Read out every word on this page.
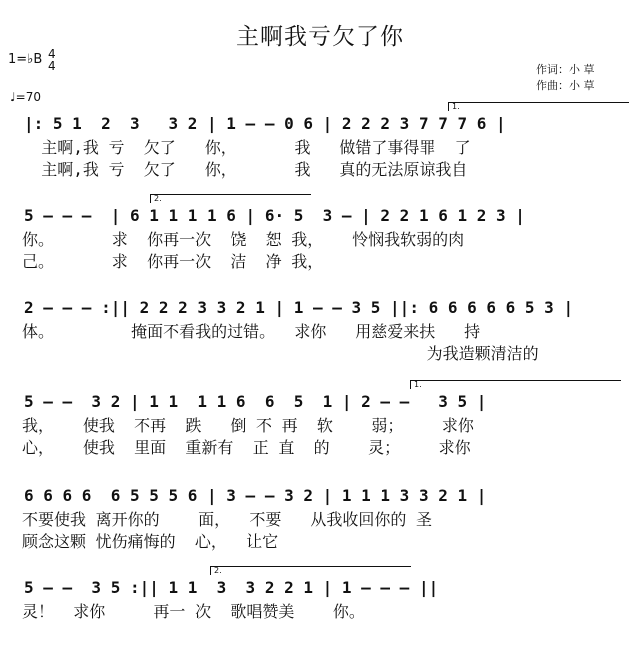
主啊我亏欠了你
1=♭B 4
4
♩=70
作词：小 草
作曲：小 草
|: 5 1  2  3   3 2 | 1 — — 0 6 | 2 2 2 3 7 7 7 6 |
主啊,我 亏  欠了   你，      我   做错了事得罪  了
主啊,我 亏  欠了   你，      我   真的无法原谅我自
1.
5 — — —  | 6 1 1 1 1 6 | 6· 5  3 — | 2 2 1 6 1 2 3 |
你。      求  你再一次  饶  恕 我，   怜悯我软弱的肉
己。      求  你再一次  洁  净 我，
2.
2 — — — :|| 2 2 2 3 3 2 1 | 1 — — 3 5 ||: 6 6 6 6 6 5 3 |
体。        掩面不看我的过错。  求你   用慈爱来扶   持
为我造颗清洁的
5 — —  3 2 | 1 1  1 1 6  6  5  1 | 2 — —   3 5 |
我，   使我  不再  跌   倒 不 再  软    弱；    求你
心，   使我  里面  重新有  正 直  的    灵；    求你
1.
6 6 6 6  6 5 5 5 6 | 3 — — 3 2 | 1 1 1 3 3 2 1 |
不要使我 离开你的    面，  不要   从我收回你的 圣
顾念这颗 忧伤痛悔的  心，  让它
5 — —  3 5 :|| 1 1  3  3 2 2 1 | 1 — — — ||
灵！  求你     再一 次  歌唱赞美    你。
2.
